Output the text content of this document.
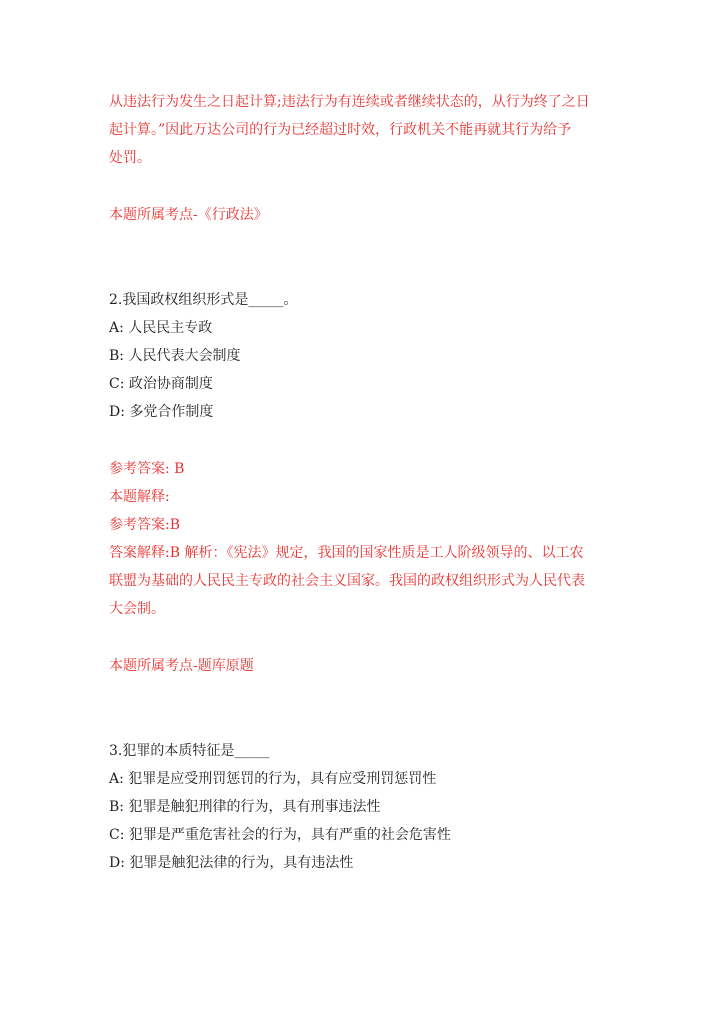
从违法行为发生之日起计算;违法行为有连续或者继续状态的，从行为终了之日
起计算。”因此万达公司的行为已经超过时效，行政机关不能再就其行为给予
处罚。
本题所属考点-《行政法》
2.我国政权组织形式是_____。
A: 人民民主专政
B: 人民代表大会制度
C: 政治协商制度
D: 多党合作制度
参考答案: B
本题解释:
参考答案:B
答案解释:B 解析：《宪法》规定，我国的国家性质是工人阶级领导的、以工农
联盟为基础的人民民主专政的社会主义国家。我国的政权组织形式为人民代表
大会制。
本题所属考点-题库原题
3.犯罪的本质特征是_____
A: 犯罪是应受刑罚惩罚的行为，具有应受刑罚惩罚性
B: 犯罪是触犯刑律的行为，具有刑事违法性
C: 犯罪是严重危害社会的行为，具有严重的社会危害性
D: 犯罪是触犯法律的行为，具有违法性
